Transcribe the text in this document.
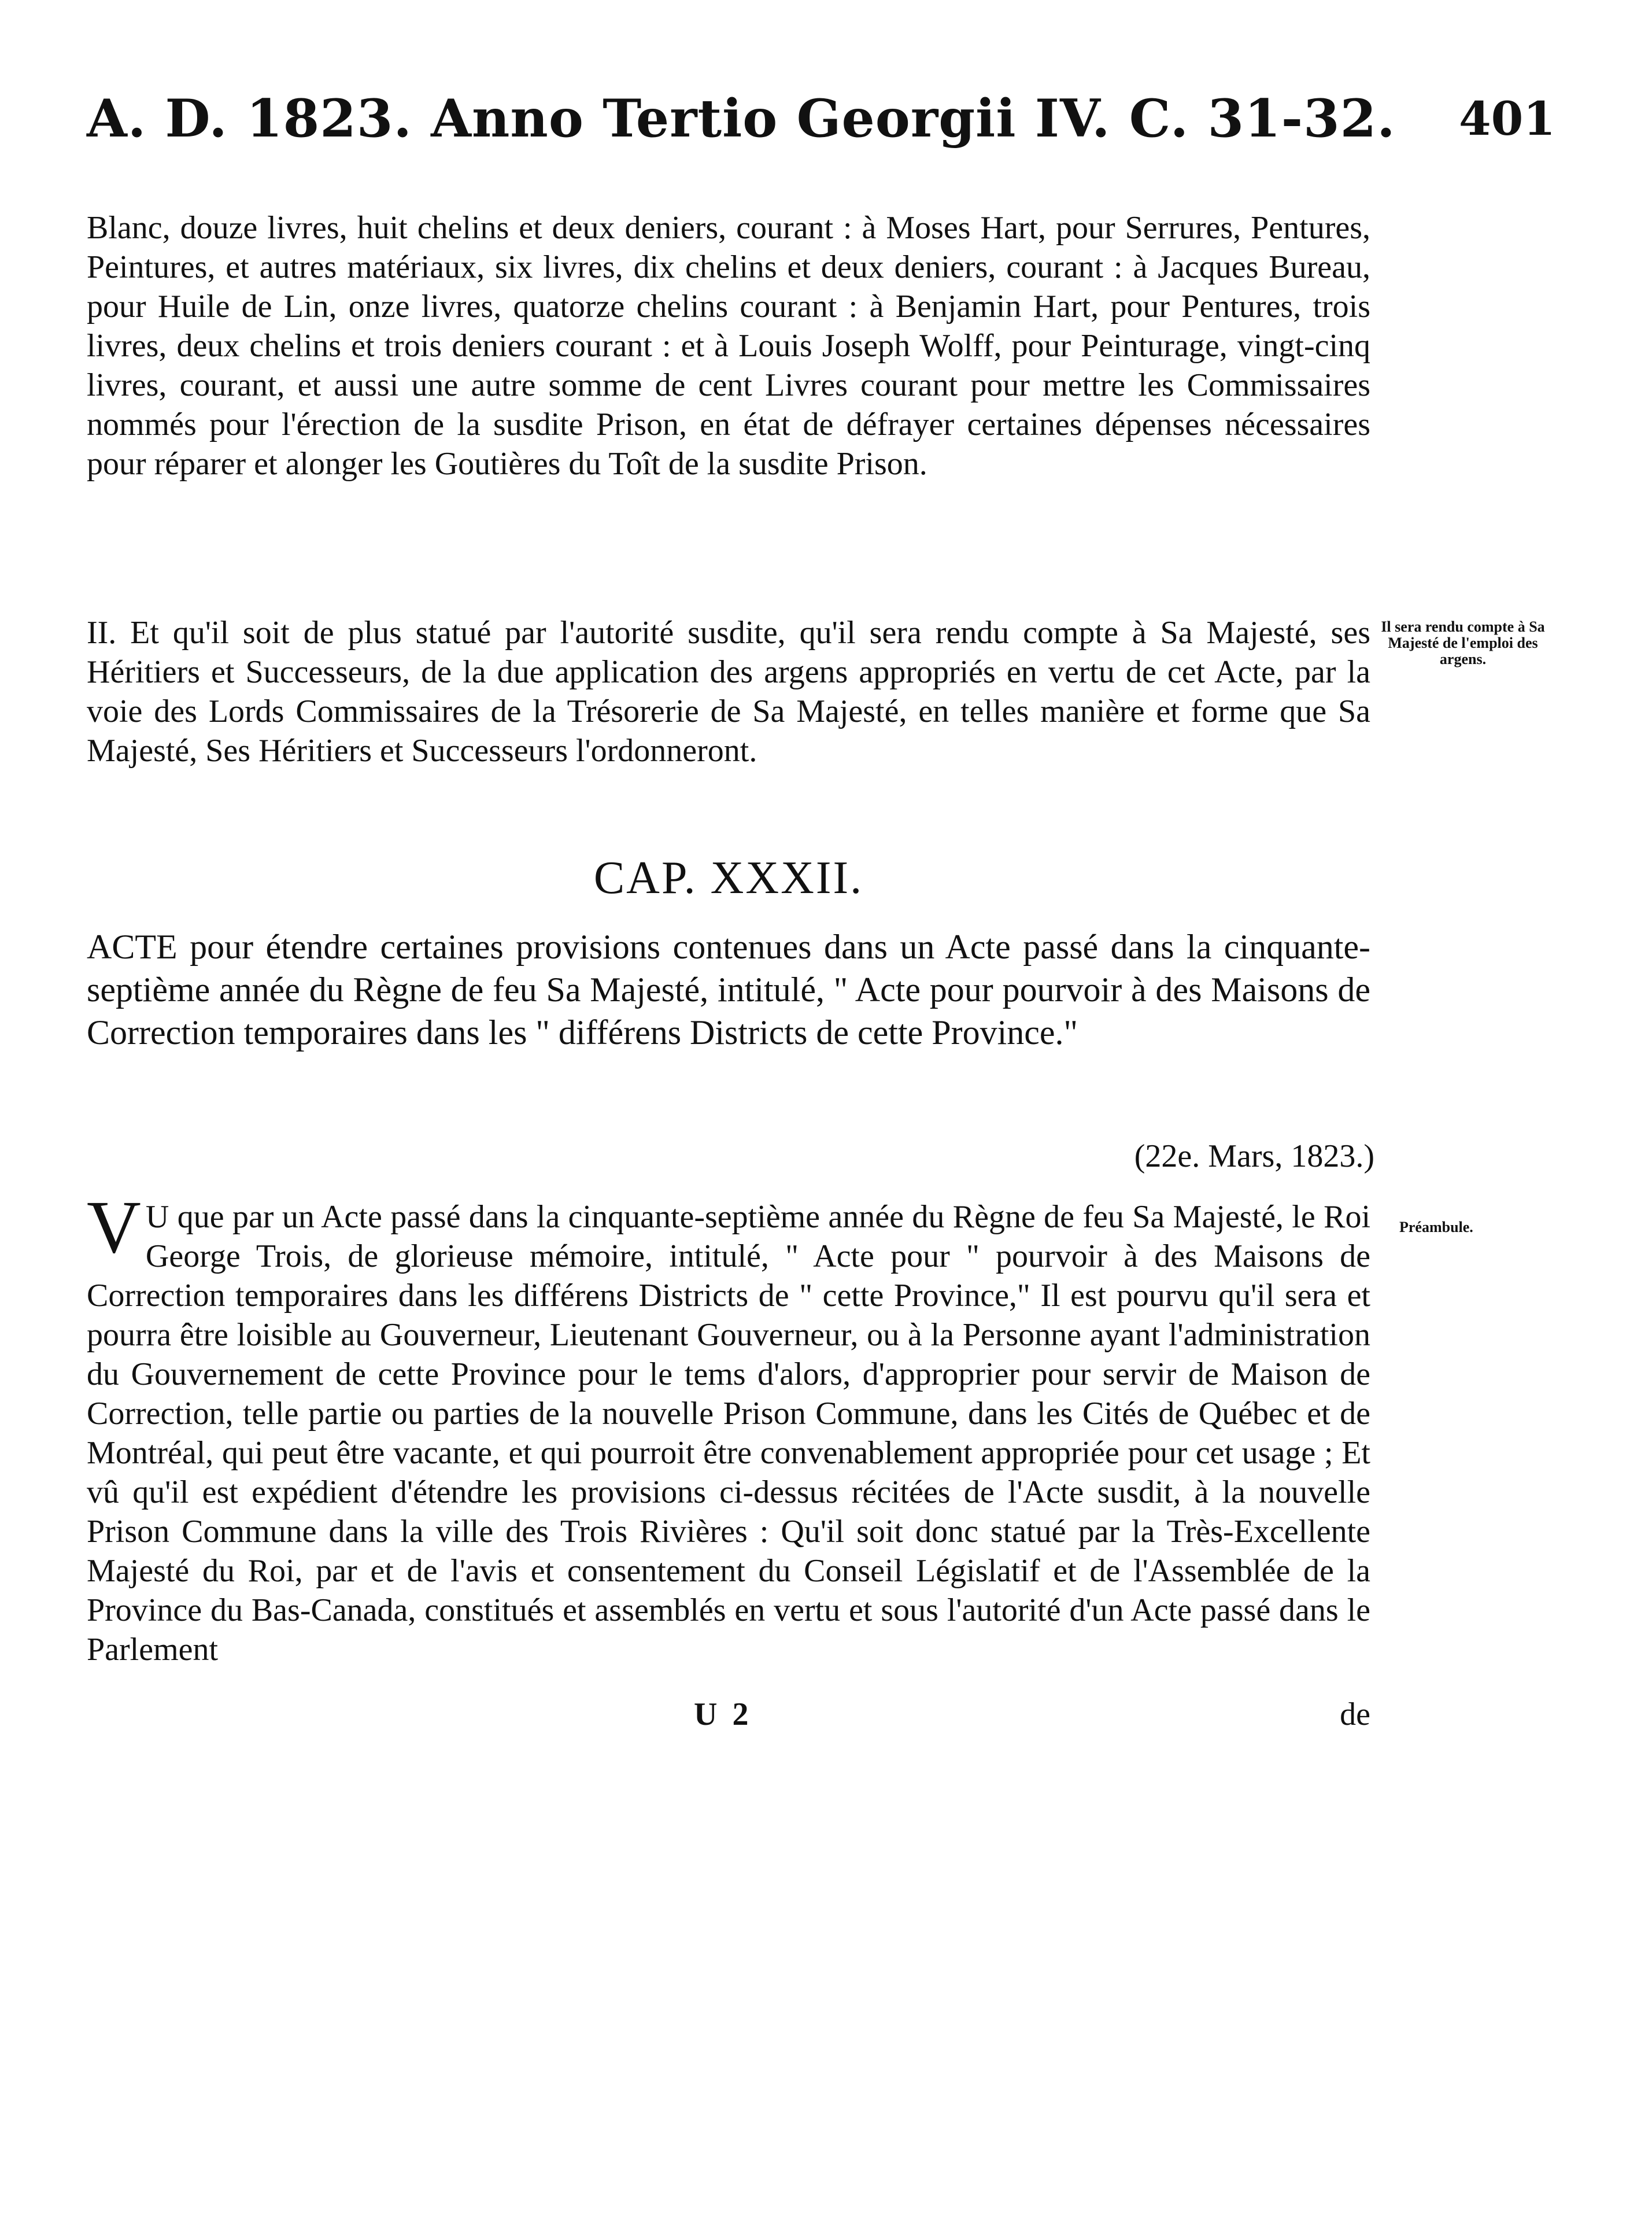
A. D. 1823. Anno Tertio Georgii IV. C. 31-32. 401

Blanc, douze livres, huit chelins et deux deniers, courant : à Moses Hart, pour Serrures, Pentures, Peintures, et autres matériaux, six livres, dix chelins et deux deniers, courant : à Jacques Bureau, pour Huile de Lin, onze livres, quatorze chelins courant : à Benjamin Hart, pour Pentures, trois livres, deux chelins et trois deniers courant : et à Louis Joseph Wolff, pour Peinturage, vingt-cinq livres, courant, et aussi une autre somme de cent Livres courant pour mettre les Commissaires nommés pour l'érection de la susdite Prison, en état de défrayer certaines dépenses nécessaires pour réparer et alonger les Goutières du Toît de la susdite Prison.

II. Et qu'il soit de plus statué par l'autorité susdite, qu'il sera rendu compte à Sa Majesté, ses Héritiers et Successeurs, de la due application des argens appropriés en vertu de cet Acte, par la voie des Lords Commissaires de la Trésorerie de Sa Majesté, en telles manière et forme que Sa Majesté, Ses Héritiers et Successeurs l'ordonneront.

Il sera rendu compte à Sa Majesté de l'emploi des argens.
CAP. XXXII.

ACTE pour étendre certaines provisions contenues dans un Acte passé dans la cinquante-septième année du Règne de feu Sa Majesté, intitulé, " Acte pour pourvoir à des Maisons de Correction temporaires dans les " différens Districts de cette Province."

(22e. Mars, 1823.)

V U que par un Acte passé dans la cinquante-septième année du Règne de feu Sa Majesté, le Roi George Trois, de glorieuse mémoire, intitulé, " Acte pour " pourvoir à des Maisons de Correction temporaires dans les différens Districts de " cette Province," Il est pourvu qu'il sera et pourra être loisible au Gouverneur, Lieutenant Gouverneur, ou à la Personne ayant l'administration du Gouvernement de cette Province pour le tems d'alors, d'approprier pour servir de Maison de Correction, telle partie ou parties de la nouvelle Prison Commune, dans les Cités de Québec et de Montréal, qui peut être vacante, et qui pourroit être convenablement appropriée pour cet usage ; Et vû qu'il est expédient d'étendre les provisions ci-dessus récitées de l'Acte susdit, à la nouvelle Prison Commune dans la ville des Trois Rivières : Qu'il soit donc statué par la Très-Excellente Majesté du Roi, par et de l'avis et consentement du Conseil Législatif et de l'Assemblée de la Province du Bas-Canada, constitués et assemblés en vertu et sous l'autorité d'un Acte passé dans le Parlement

Préambule.
U 2	de
